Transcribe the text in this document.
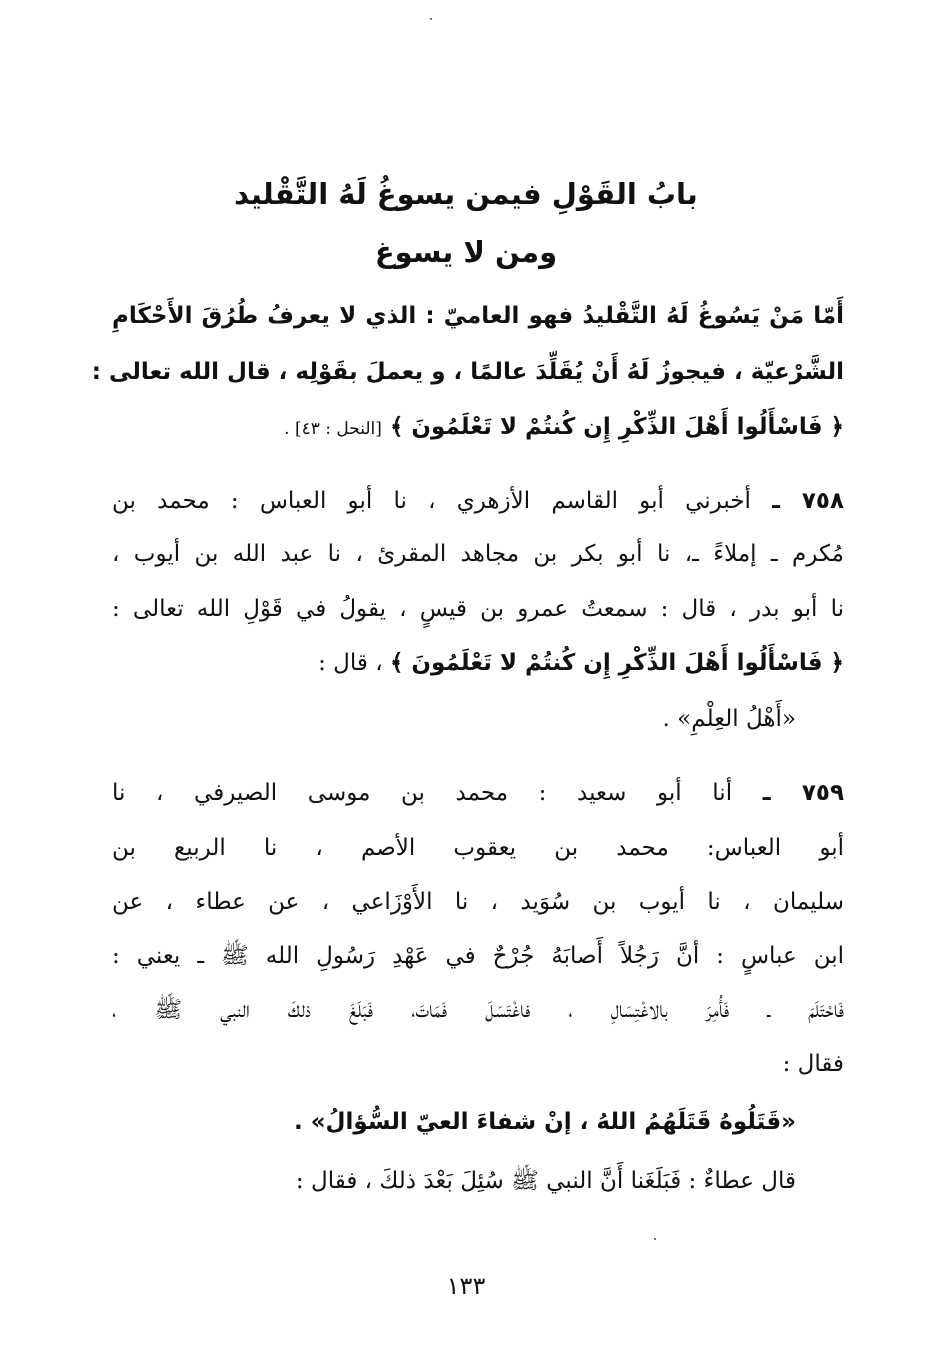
بابُ القَوْلِ فيمن يسوغُ لَهُ التَّقْليد
ومن لا يسوغ
أَمّا مَنْ يَسُوغُ لَهُ التَّقْليدُ فهو العاميّ : الذي لا يعرفُ طُرُقَ الأَحْكَامِ
الشَّرْعيّة ، فيجوزُ لَهُ أَنْ يُقَلِّدَ عالمًا ، و يعملَ بقَوْلِه ، قال الله تعالى :
﴿ فَاسْأَلُوا أَهْلَ الذِّكْرِ إِن كُنتُمْ لا تَعْلَمُونَ ﴾ [النحل : ٤٣] .
٧٥٨ ـ أخبرني أبو القاسم الأزهري ، نا أبو العباس : محمد بن
مُكرم ـ إملاءً ـ، نا أبو بكر بن مجاهد المقرئ ، نا عبد الله بن أيوب ،
نا أبو بدر ، قال : سمعتُ عمرو بن قيسٍ ، يقولُ في قَوْلِ الله تعالى :
﴿ فَاسْأَلُوا أَهْلَ الذِّكْرِ إِن كُنتُمْ لا تَعْلَمُونَ ﴾ ، قال :
«أَهْلُ العِلْمِ» .
٧٥٩ ـ أنا أبو سعيد : محمد بن موسى الصيرفي ، نا
أبو العباس: محمد بن يعقوب الأصم ، نا الربيع بن
سليمان ، نا أيوب بن سُوَيد ، نا الأَوْزَاعي ، عن عطاء ، عن
ابن عباسٍ : أنَّ رَجُلاً أَصابَهُ جُرْحٌ في عَهْدِ رَسُولِ الله ﷺ ـ يعني :
فَاحْتَلَمَ ـ فَأُمِرَ بالاغْتِسَالِ ، فاغْتَسَلَ فَمَاتَ، فَبَلَغَ ذلكَ النبي ﷺ ،
فقال :
«قَتَلُوهُ قَتَلَهُمُ اللهُ ، إنْ شفاءَ العيّ السُّؤالُ» .
قال عطاءٌ : فَبَلَغَنا أَنَّ النبي ﷺ سُئِلَ بَعْدَ ذلكَ ، فقال :
١٣٣
